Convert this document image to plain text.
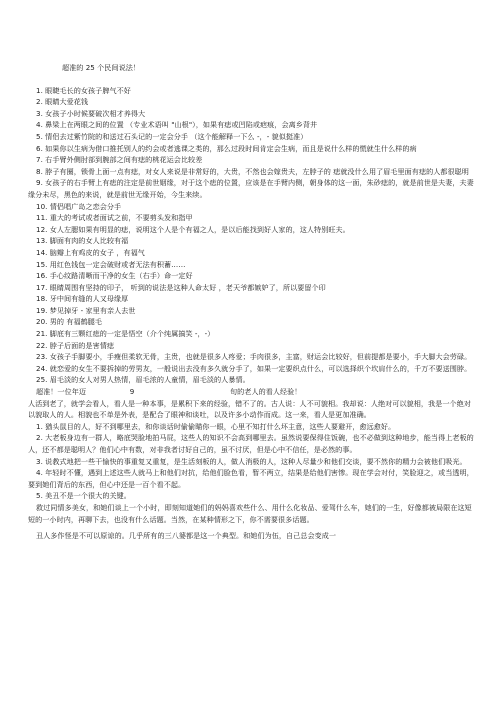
超准的 25 个民间说法！

1. 眼睫毛长的女孩子脾气不好

2. 眼睛大爱花钱

3. 女孩子小时候要破次相才养得大

4. 鼻梁上在两眼之间的位置 （专业术语叫 "山根"），如果有痣或凹陷或疤痕，会离乡背井

5. 情侣去过紫竹院的和送过石头记的一定会分手 （这个能解释一下么 -，- 貌似挺准）

6. 如果你以生病为借口推托别人的约会或者逃课之类的，那么过段时间肯定会生病，而且是说什么样的慌就生什么样的病

7. 右手臂外侧肘部到腕部之间有痣的桃花运会比较差

8. 脖子有圈，锁骨上面一点有痣，对女人来说是非常好的，大贵，不然也会嫁贵夫，左脖子的 痣就没什么用了眉毛里面有痣的人都很聪明

9. 女孩子的右手臂上有痣的注定是前世姻缘，对于这个痣的位置，应该是在手臂内侧，朝身体的这一面，朱砂痣的，就是前世是夫妻，夫妻缘分未尽，黑色的来说，就是前世无缘开始，今生来续。

10. 情侣唱广岛之恋会分手

11. 重大的考试或者面试之前，不要剪头发和指甲

12. 女人左腮如果有明显的痣，说明这个人是个有福之人，是以后能找到好人家的，这人特别旺夫。

13. 脚面有肉的女人比较有福

14. 脑瓣上有鸡皮的女子 ，有福气

15. 用红色钱包一定会破财或者无法有积蓄……

16. 手心纹路清晰而干净的女生（右手）命一定好

17. 眼睛周围有坚持的印子， 听到的说法是这种人命太好 ，老天爷都嫉妒了，所以要留个印

18. 牙中间有缝的人又母缘厚

19. 梦见掉牙 - 家里有亲人去世

20. 男的 有福鹤腿毛

21. 脚底有三颗红痣的一定是悟空（介个纯属搞笑 -，-）

22. 脖子后面的是害情痣

23. 女孩子手脚要小，手瘦但柔软无骨，主贵，也就是很多人疼爱；手肉很多，主富，财运会比较好，但前提都是要小，手大脚大会劳碌。

24. 就恋爱的女生不要拆掉的劳男友，一般说出去没有多久就分手了，如果一定要织点什么，可以选择织个坎肩什么的，千万不要送围脖。

25. 眉毛淡的女人对男人热情，眉毛浓的人童情，眉毛淡的人暴情。

超准！一位年迈	9	旬的老人的看人经验！

人活到老了，就学会看人，看人是一种本事，是累积下来的经验，错不了的。古人说：人不可貌相。我却说：人绝对可以貌相，我是一个绝对以貌取人的人。相貌也不单是外表，是配合了眼神和谈吐，以及许多小动作而成。这一来，看人是更加准确。

1. 猶头鼠目的人，好不到哪里去，和你谈话时偷偷瞄你一眼，心里不知打什么坏主意，这些人要避开，愈远愈好。

2. 大老板身边有一群人，略底哭脸地拍马屁，这些人的知识不会高到哪里去。虽然说要保得住饭碗，也不必做到这种地步，能当得上老板的人，还不都是聪明人？他们心中有数，对非我者讨好自己的，虽不讨厌，但是心中不信任，是必然的事。

3. 说教式地把一些干愉快的事重复又重复，是生活刻板的人，做人消极的人，这种人尽量少和他们交谈，要不然你的精力会被他们吸光。

4. 年轻时不懂，遇到上述这些人就马上和他们对抗，给他们脸色看，暂不两立，结果是给他们害惨。现在学会对付，笑脸迎之，或当透明，要到她们背后的东西，但心中还是一百个看不起。

5. 美丑不是一个很大的关键。

救过同情多美女，和她们谈上一个小时，即刻知道她们的妈妈喜欢些什么、用什么化妆品、爱驾什么车，她们的一生，好像都被局限在这短短的一小时内，再聊下去，也没有什么话题。当然，在某种情形之下，你不需要很多话题。

丑人多作怪是不可以原谅的。几乎所有的三八婆都是这一个典型。和她们为伍，自己总会变成一
